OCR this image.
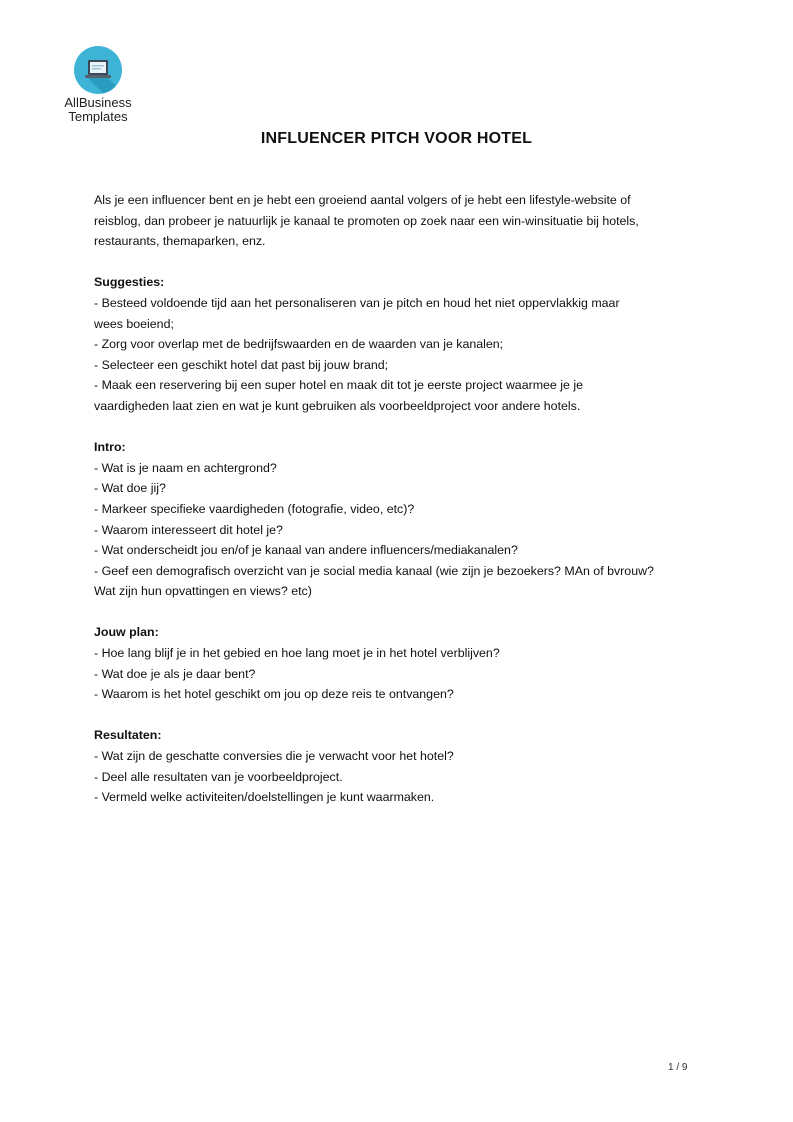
AllBusiness
Templates
INFLUENCER PITCH VOOR HOTEL

Als je een influencer bent en je hebt een groeiend aantal volgers of je hebt een lifestyle-website of
reisblog, dan probeer je natuurlijk je kanaal te promoten op zoek naar een win-winsituatie bij hotels,
restaurants, themaparken, enz.

Suggesties:
- Besteed voldoende tijd aan het personaliseren van je pitch en houd het niet oppervlakkig maar
wees boeiend;
- Zorg voor overlap met de bedrijfswaarden en de waarden van je kanalen;
- Selecteer een geschikt hotel dat past bij jouw brand;
- Maak een reservering bij een super hotel en maak dit tot je eerste project waarmee je je
vaardigheden laat zien en wat je kunt gebruiken als voorbeeldproject voor andere hotels.
Intro:
- Wat is je naam en achtergrond?
- Wat doe jij?
- Markeer specifieke vaardigheden (fotografie, video, etc)?
- Waarom interesseert dit hotel je?
- Wat onderscheidt jou en/of je kanaal van andere influencers/mediakanalen?
- Geef een demografisch overzicht van je social media kanaal (wie zijn je bezoekers? MAn of bvrouw?
Wat zijn hun opvattingen en views? etc)
Jouw plan:
- Hoe lang blijf je in het gebied en hoe lang moet je in het hotel verblijven?
- Wat doe je als je daar bent?
- Waarom is het hotel geschikt om jou op deze reis te ontvangen?
Resultaten:
- Wat zijn de geschatte conversies die je verwacht voor het hotel?
- Deel alle resultaten van je voorbeeldproject.
- Vermeld welke activiteiten/doelstellingen je kunt waarmaken.
1 / 9
